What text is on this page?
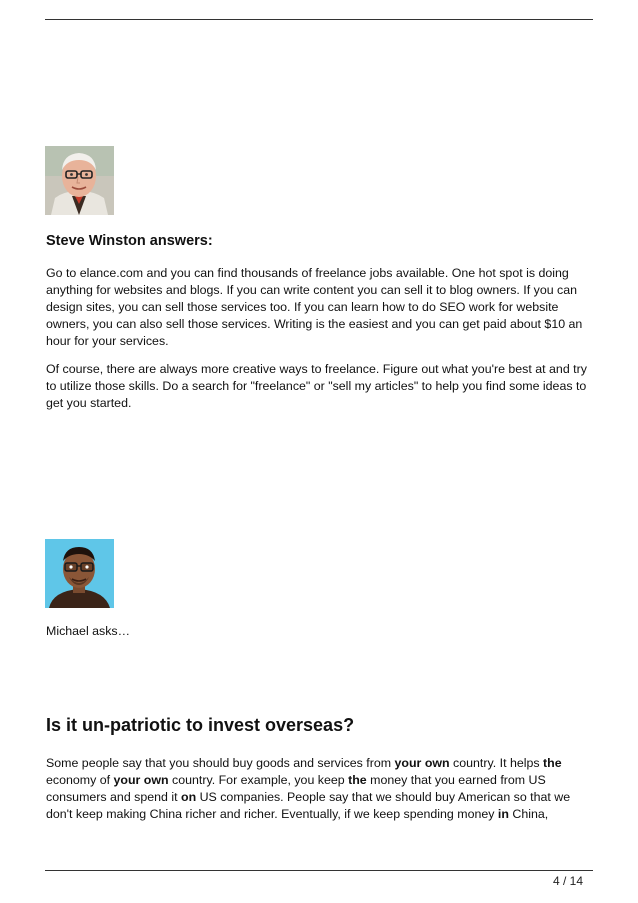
Steve Winston answers:

Go to elance.com and you can find thousands of freelance jobs available. One hot spot is doing anything for websites and blogs. If you can write content you can sell it to blog owners. If you can design sites, you can sell those services too. If you can learn how to do SEO work for website owners, you can also sell those services. Writing is the easiest and you can get paid about $10 an hour for your services.

Of course, there are always more creative ways to freelance. Figure out what you're best at and try to utilize those skills. Do a search for "freelance" or "sell my articles" to help you find some ideas to get you started.

Michael asks…

Is it un-patriotic to invest overseas?

Some people say that you should buy goods and services from your own country. It helps the economy of your own country. For example, you keep the money that you earned from US consumers and spend it on US companies. People say that we should buy American so that we don't keep making China richer and richer. Eventually, if we keep spending money in China,

4 / 14
